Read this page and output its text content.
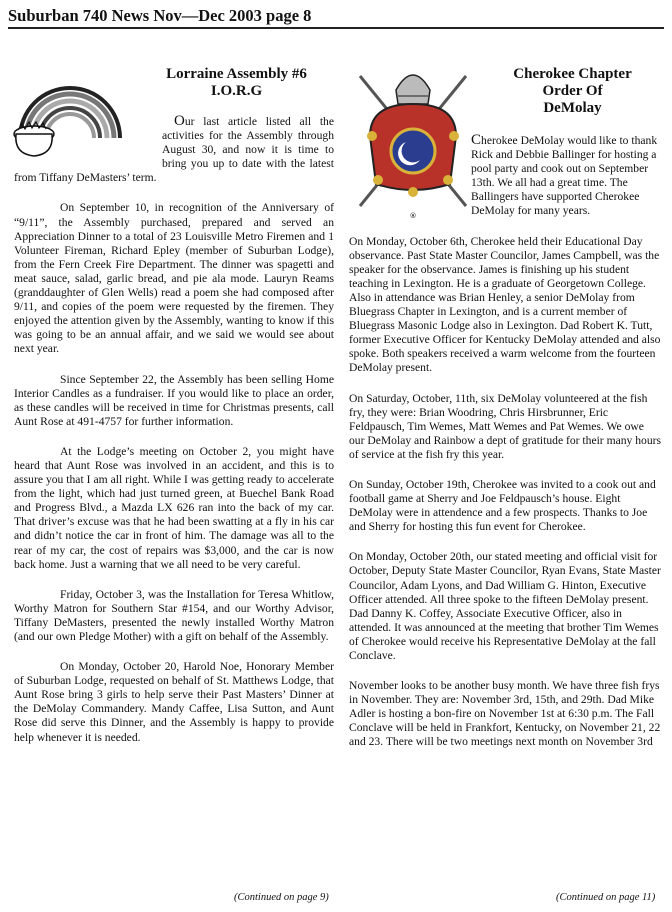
Suburban 740 News Nov—Dec 2003 page 8
®
Lorraine Assembly #6
I.O.R.G

Our last article listed all the activities for the Assembly through August 30, and now it is time to bring you up to date with the latest from Tiffany DeMasters’ term.

On September 10, in recognition of the Anniversary of “9/11”, the Assembly purchased, prepared and served an Appreciation Dinner to a total of 23 Louisville Metro Firemen and 1 Volunteer Fireman, Richard Epley (member of Suburban Lodge), from the Fern Creek Fire Department. The dinner was spagetti and meat sauce, salad, garlic bread, and pie ala mode. Lauryn Reams (granddaughter of Glen Wells) read a poem she had composed after 9/11, and copies of the poem were requested by the firemen. They enjoyed the attention given by the Assembly, wanting to know if this was going to be an annual affair, and we said we would see about next year.

Since September 22, the Assembly has been selling Home Interior Candles as a fundraiser. If you would like to place an order, as these candles will be received in time for Christmas presents, call Aunt Rose at 491-4757 for further information.

At the Lodge’s meeting on October 2, you might have heard that Aunt Rose was involved in an accident, and this is to assure you that I am all right. While I was getting ready to accelerate from the light, which had just turned green, at Buechel Bank Road and Progress Blvd., a Mazda LX 626 ran into the back of my car. That driver’s excuse was that he had been swatting at a fly in his car and didn’t notice the car in front of him. The damage was all to the rear of my car, the cost of repairs was $3,000, and the car is now back home. Just a warning that we all need to be very careful.

Friday, October 3, was the Installation for Teresa Whitlow, Worthy Matron for Southern Star #154, and our Worthy Advisor, Tiffany DeMasters, presented the newly installed Worthy Matron (and our own Pledge Mother) with a gift on behalf of the Assembly.

On Monday, October 20, Harold Noe, Honorary Member of Suburban Lodge, requested on behalf of St. Matthews Lodge, that Aunt Rose bring 3 girls to help serve their Past Masters’ Dinner at the DeMolay Commandery. Mandy Caffee, Lisa Sutton, and Aunt Rose did serve this Dinner, and the Assembly is happy to provide help whenever it is needed.

Cherokee Chapter
Order Of
DeMolay

Cherokee DeMolay would like to thank Rick and Debbie Ballinger for hosting a pool party and cook out on September 13th. We all had a great time. The Ballingers have supported Cherokee DeMolay for many years.

On Monday, October 6th, Cherokee held their Educational Day observance. Past State Master Councilor, James Campbell, was the speaker for the observance. James is finishing up his student teaching in Lexington. He is a graduate of Georgetown College. Also in attendance was Brian Henley, a senior DeMolay from Bluegrass Chapter in Lexington, and is a current member of Bluegrass Masonic Lodge also in Lexington. Dad Robert K. Tutt, former Executive Officer for Kentucky DeMolay attended and also spoke. Both speakers received a warm welcome from the fourteen DeMolay present.

On Saturday, October, 11th, six DeMolay volunteered at the fish fry, they were: Brian Woodring, Chris Hirsbrunner, Eric Feldpausch, Tim Wemes, Matt Wemes and Pat Wemes. We owe our DeMolay and Rainbow a dept of gratitude for their many hours of service at the fish fry this year.

On Sunday, October 19th, Cherokee was invited to a cook out and football game at Sherry and Joe Feldpausch’s house. Eight DeMolay were in attendence and a few prospects. Thanks to Joe and Sherry for hosting this fun event for Cherokee.

On Monday, October 20th, our stated meeting and official visit for October, Deputy State Master Councilor, Ryan Evans, State Master Councilor, Adam Lyons, and Dad William G. Hinton, Executive Officer attended. All three spoke to the fifteen DeMolay present. Dad Danny K. Coffey, Associate Executive Officer, also in attended. It was announced at the meeting that brother Tim Wemes of Cherokee would receive his Representative DeMolay at the fall Conclave.

November looks to be another busy month. We have three fish frys in November. They are: November 3rd, 15th, and 29th. Dad Mike Adler is hosting a bon-fire on November 1st at 6:30 p.m. The Fall Conclave will be held in Frankfort, Kentucky, on November 21, 22 and 23. There will be two meetings next month on November 3rd

(Continued on page 9)	(Continued on page 11)
